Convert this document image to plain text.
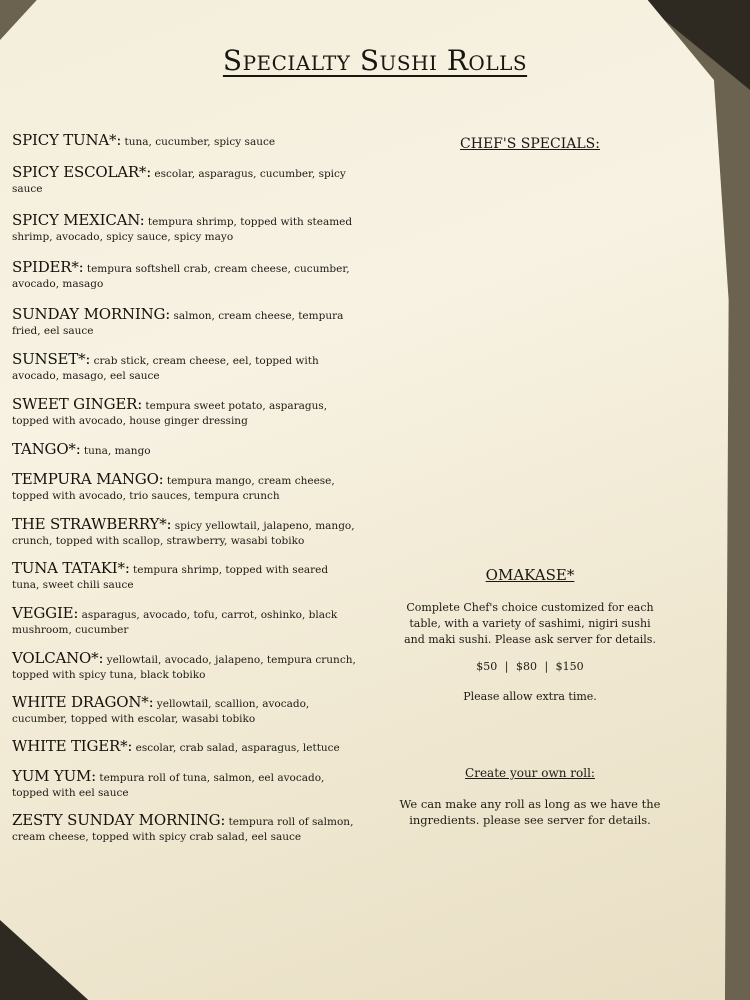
Specialty Sushi Rolls
SPICY TUNA*: tuna, cucumber, spicy sauce
SPICY ESCOLAR*: escolar, asparagus, cucumber, spicy sauce
SPICY MEXICAN: tempura shrimp, topped with steamed shrimp, avocado, spicy sauce, spicy mayo
SPIDER*: tempura softshell crab, cream cheese, cucumber, avocado, masago
SUNDAY MORNING: salmon, cream cheese, tempura fried, eel sauce
SUNSET*: crab stick, cream cheese, eel, topped with avocado, masago, eel sauce
SWEET GINGER: tempura sweet potato, asparagus, topped with avocado, house ginger dressing
TANGO*: tuna, mango
TEMPURA MANGO: tempura mango, cream cheese, topped with avocado, trio sauces, tempura crunch
THE STRAWBERRY*: spicy yellowtail, jalapeno, mango, crunch, topped with scallop, strawberry, wasabi tobiko
TUNA TATAKI*: tempura shrimp, topped with seared tuna, sweet chili sauce
VEGGIE: asparagus, avocado, tofu, carrot, oshinko, black mushroom, cucumber
VOLCANO*: yellowtail, avocado, jalapeno, tempura crunch, topped with spicy tuna, black tobiko
WHITE DRAGON*: yellowtail, scallion, avocado, cucumber, topped with escolar, wasabi tobiko
WHITE TIGER*: escolar, crab salad, asparagus, lettuce
YUM YUM: tempura roll of tuna, salmon, eel avocado, topped with eel sauce
ZESTY SUNDAY MORNING: tempura roll of salmon, cream cheese, topped with spicy crab salad, eel sauce
CHEF'S SPECIALS:
OMAKASE*
Complete Chef's choice customized for each table, with a variety of sashimi, nigiri sushi and maki sushi. Please ask server for details.
$50 | $80 | $150
Please allow extra time.
Create your own roll:
We can make any roll as long as we have the ingredients. please see server for details.
